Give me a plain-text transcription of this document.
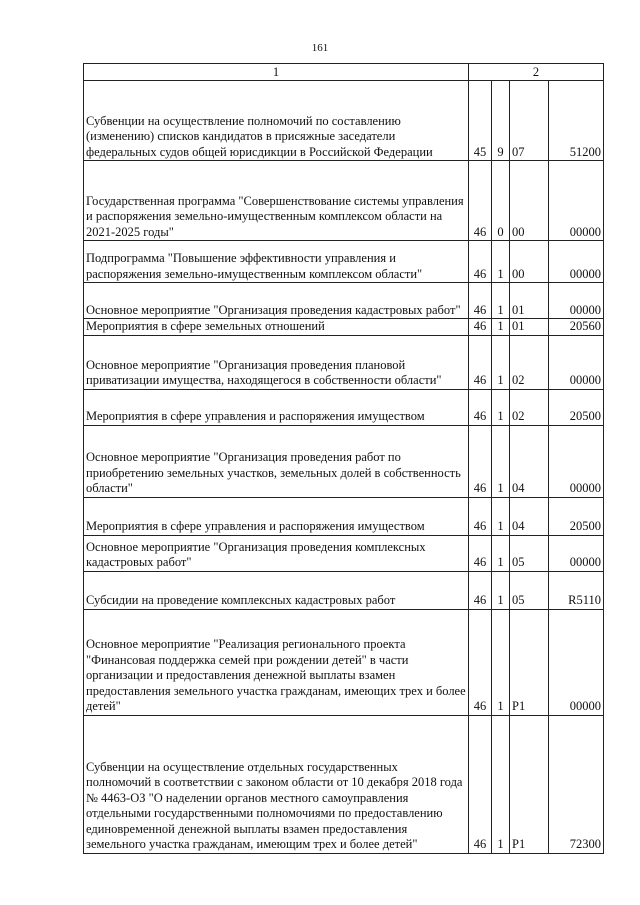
161
1	2			
Субвенции на осуществление полномочий по составлению (изменению) списков кандидатов в присяжные заседатели федеральных судов общей юрисдикции в Российской Федерации	45	9	07	51200
Государственная программа "Совершенствование системы управления и распоряжения земельно-имущественным комплексом области на 2021-2025 годы"	46	0	00	00000
Подпрограмма "Повышение эффективности управления и распоряжения земельно-имущественным комплексом области"	46	1	00	00000
Основное мероприятие "Организация проведения кадастровых работ"	46	1	01	00000
Мероприятия в сфере земельных отношений	46	1	01	20560
Основное мероприятие "Организация проведения плановой приватизации имущества, находящегося в собственности области"	46	1	02	00000
Мероприятия в сфере управления и распоряжения имуществом	46	1	02	20500
Основное мероприятие "Организация проведения работ по приобретению земельных участков, земельных долей в собственность области"	46	1	04	00000
Мероприятия в сфере управления и распоряжения имуществом	46	1	04	20500
Основное мероприятие "Организация проведения комплексных кадастровых работ"	46	1	05	00000
Субсидии на проведение комплексных кадастровых работ	46	1	05	R5110
Основное мероприятие "Реализация регионального проекта "Финансовая поддержка семей при рождении детей" в части организации и предоставления денежной выплаты взамен предоставления земельного участка гражданам, имеющих трех и более детей"	46	1	P1	00000
Субвенции на осуществление отдельных государственных полномочий в соответствии с законом области от 10 декабря 2018 года № 4463-ОЗ "О наделении органов местного самоуправления отдельными государственными полномочиями по предоставлению единовременной денежной выплаты взамен предоставления земельного участка гражданам, имеющим трех и более детей"	46	1	P1	72300
